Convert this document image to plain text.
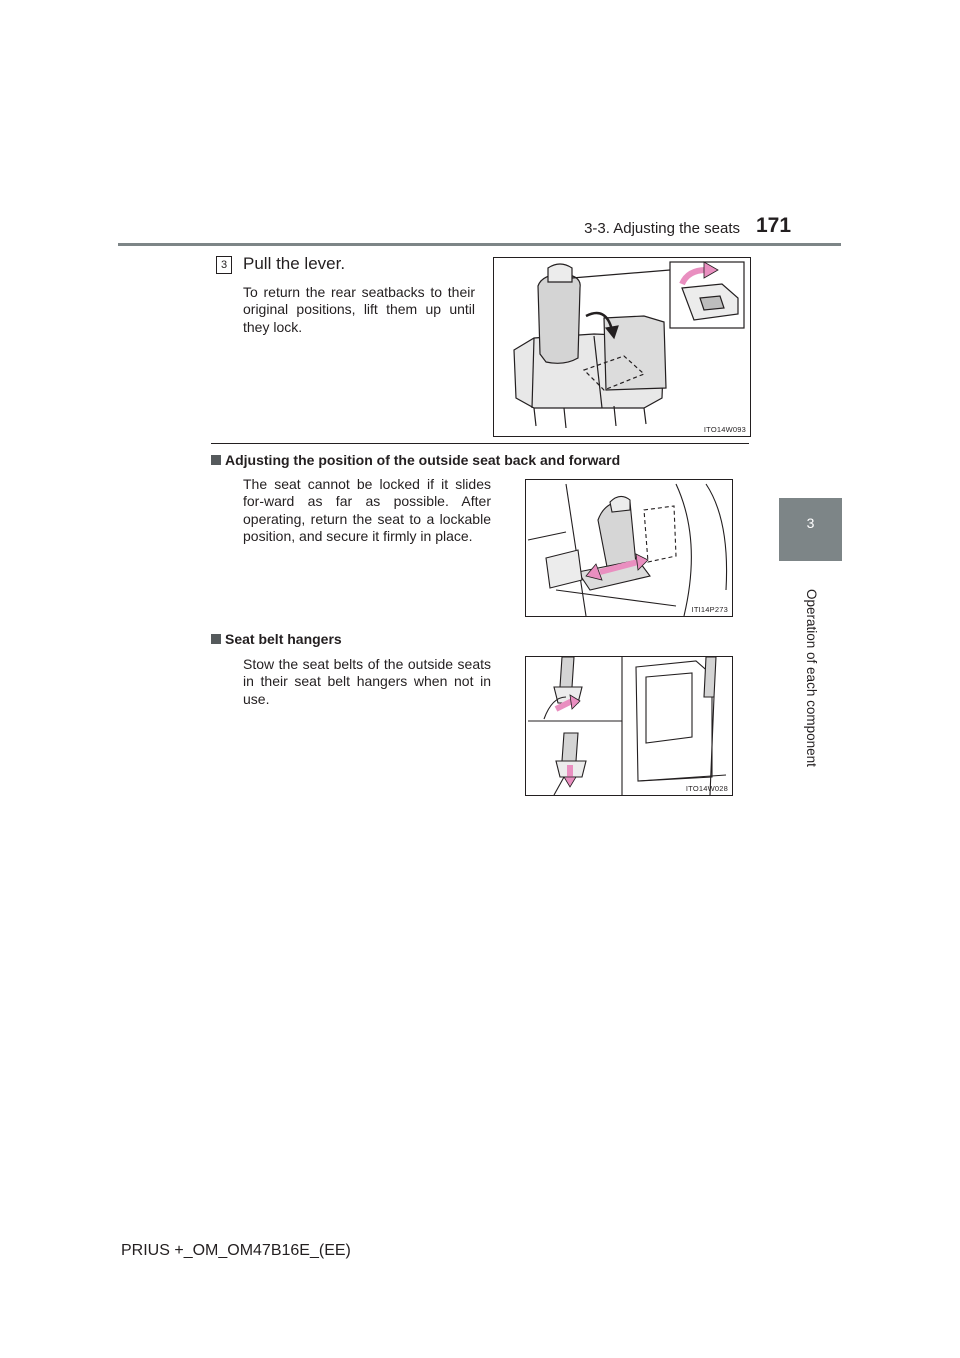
3-3. Adjusting the seats 171
3
Operation of each component
3 Pull the lever.
To return the rear seatbacks to their original positions, lift them up until they lock.
ITO14W093
Adjusting the position of the outside seat back and forward
The seat cannot be locked if it slides for-ward as far as possible. After operating, return the seat to a lockable position, and secure it firmly in place.
ITI14P273
Seat belt hangers
Stow the seat belts of the outside seats in their seat belt hangers when not in use.
ITO14W028
PRIUS +_OM_OM47B16E_(EE)
